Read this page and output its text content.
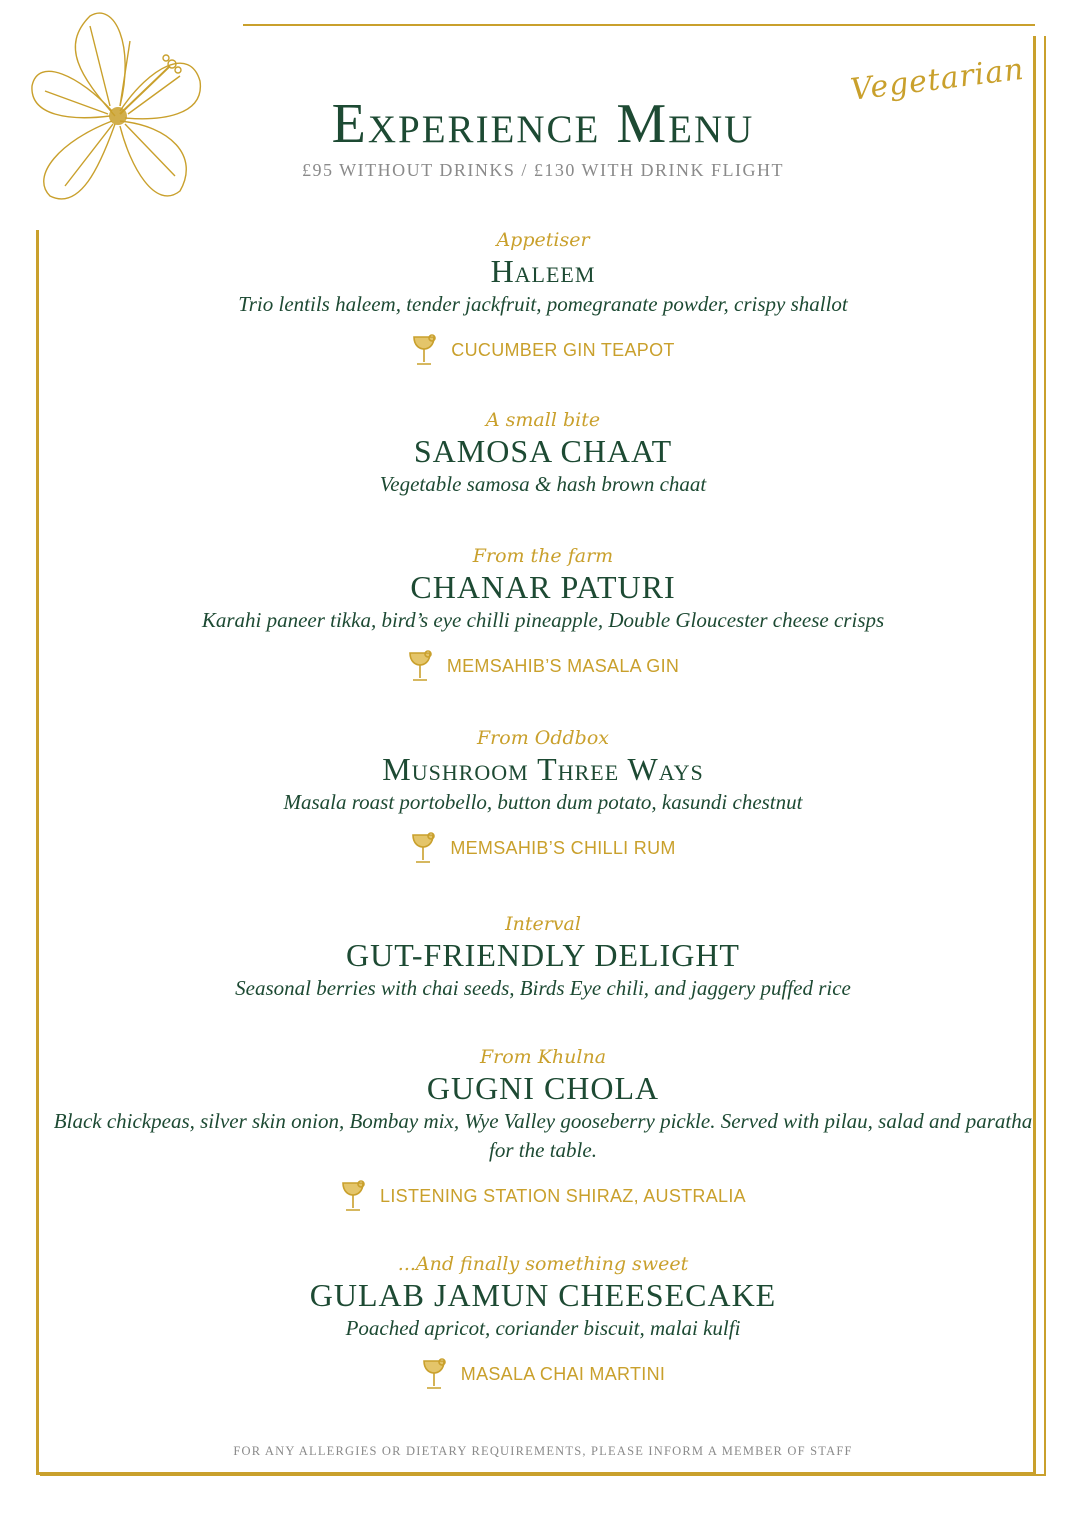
Vegetarian
Experience Menu
£95 WITHOUT DRINKS / £130 WITH DRINK FLIGHT
Appetiser
Haleem
Trio lentils haleem, tender jackfruit, pomegranate powder, crispy shallot
CUCUMBER GIN TEAPOT
A small bite
SAMOSA CHAAT
Vegetable samosa & hash brown chaat
From the farm
CHANAR PATURI
Karahi paneer tikka, bird’s eye chilli pineapple, Double Gloucester cheese crisps
MEMSAHIB’S MASALA GIN
From Oddbox
Mushroom Three Ways
Masala roast portobello, button dum potato, kasundi chestnut
MEMSAHIB’S CHILLI RUM
Interval
GUT-FRIENDLY DELIGHT
Seasonal berries with chai seeds, Birds Eye chili, and jaggery puffed rice
From Khulna
GUGNI CHOLA
Black chickpeas, silver skin onion, Bombay mix, Wye Valley gooseberry pickle. Served with pilau, salad and paratha for the table.
LISTENING STATION SHIRAZ, AUSTRALIA
...And finally something sweet
GULAB JAMUN CHEESECAKE
Poached apricot, coriander biscuit, malai kulfi
MASALA CHAI MARTINI
FOR ANY ALLERGIES OR DIETARY REQUIREMENTS, PLEASE INFORM A MEMBER OF STAFF
